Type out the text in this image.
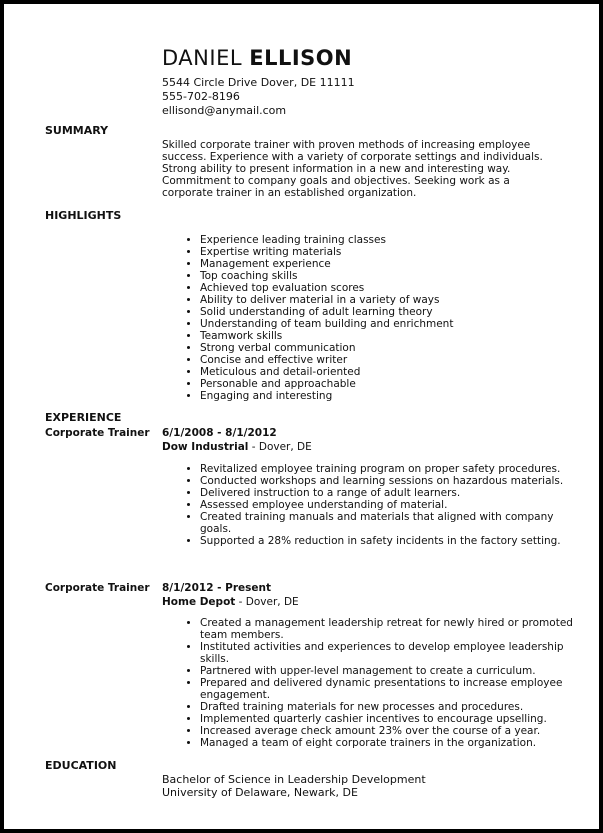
DANIEL ELLISON
5544 Circle Drive Dover, DE 11111
555-702-8196
ellisond@anymail.com
SUMMARY
Skilled corporate trainer with proven methods of increasing employee success. Experience with a variety of corporate settings and individuals. Strong ability to present information in a new and interesting way. Commitment to company goals and objectives. Seeking work as a corporate trainer in an established organization.
HIGHLIGHTS
• Experience leading training classes
• Expertise writing materials
• Management experience
• Top coaching skills
• Achieved top evaluation scores
• Ability to deliver material in a variety of ways
• Solid understanding of adult learning theory
• Understanding of team building and enrichment
• Teamwork skills
• Strong verbal communication
• Concise and effective writer
• Meticulous and detail-oriented
• Personable and approachable
• Engaging and interesting
EXPERIENCE
Corporate Trainer 6/1/2008 - 8/1/2012
Dow Industrial - Dover, DE
• Revitalized employee training program on proper safety procedures.
• Conducted workshops and learning sessions on hazardous materials.
• Delivered instruction to a range of adult learners.
• Assessed employee understanding of material.
• Created training manuals and materials that aligned with company goals.
• Supported a 28% reduction in safety incidents in the factory setting.
Corporate Trainer 8/1/2012 - Present
Home Depot - Dover, DE
• Created a management leadership retreat for newly hired or promoted team members.
• Instituted activities and experiences to develop employee leadership skills.
• Partnered with upper-level management to create a curriculum.
• Prepared and delivered dynamic presentations to increase employee engagement.
• Drafted training materials for new processes and procedures.
• Implemented quarterly cashier incentives to encourage upselling.
• Increased average check amount 23% over the course of a year.
• Managed a team of eight corporate trainers in the organization.
EDUCATION
Bachelor of Science in Leadership Development
University of Delaware, Newark, DE
